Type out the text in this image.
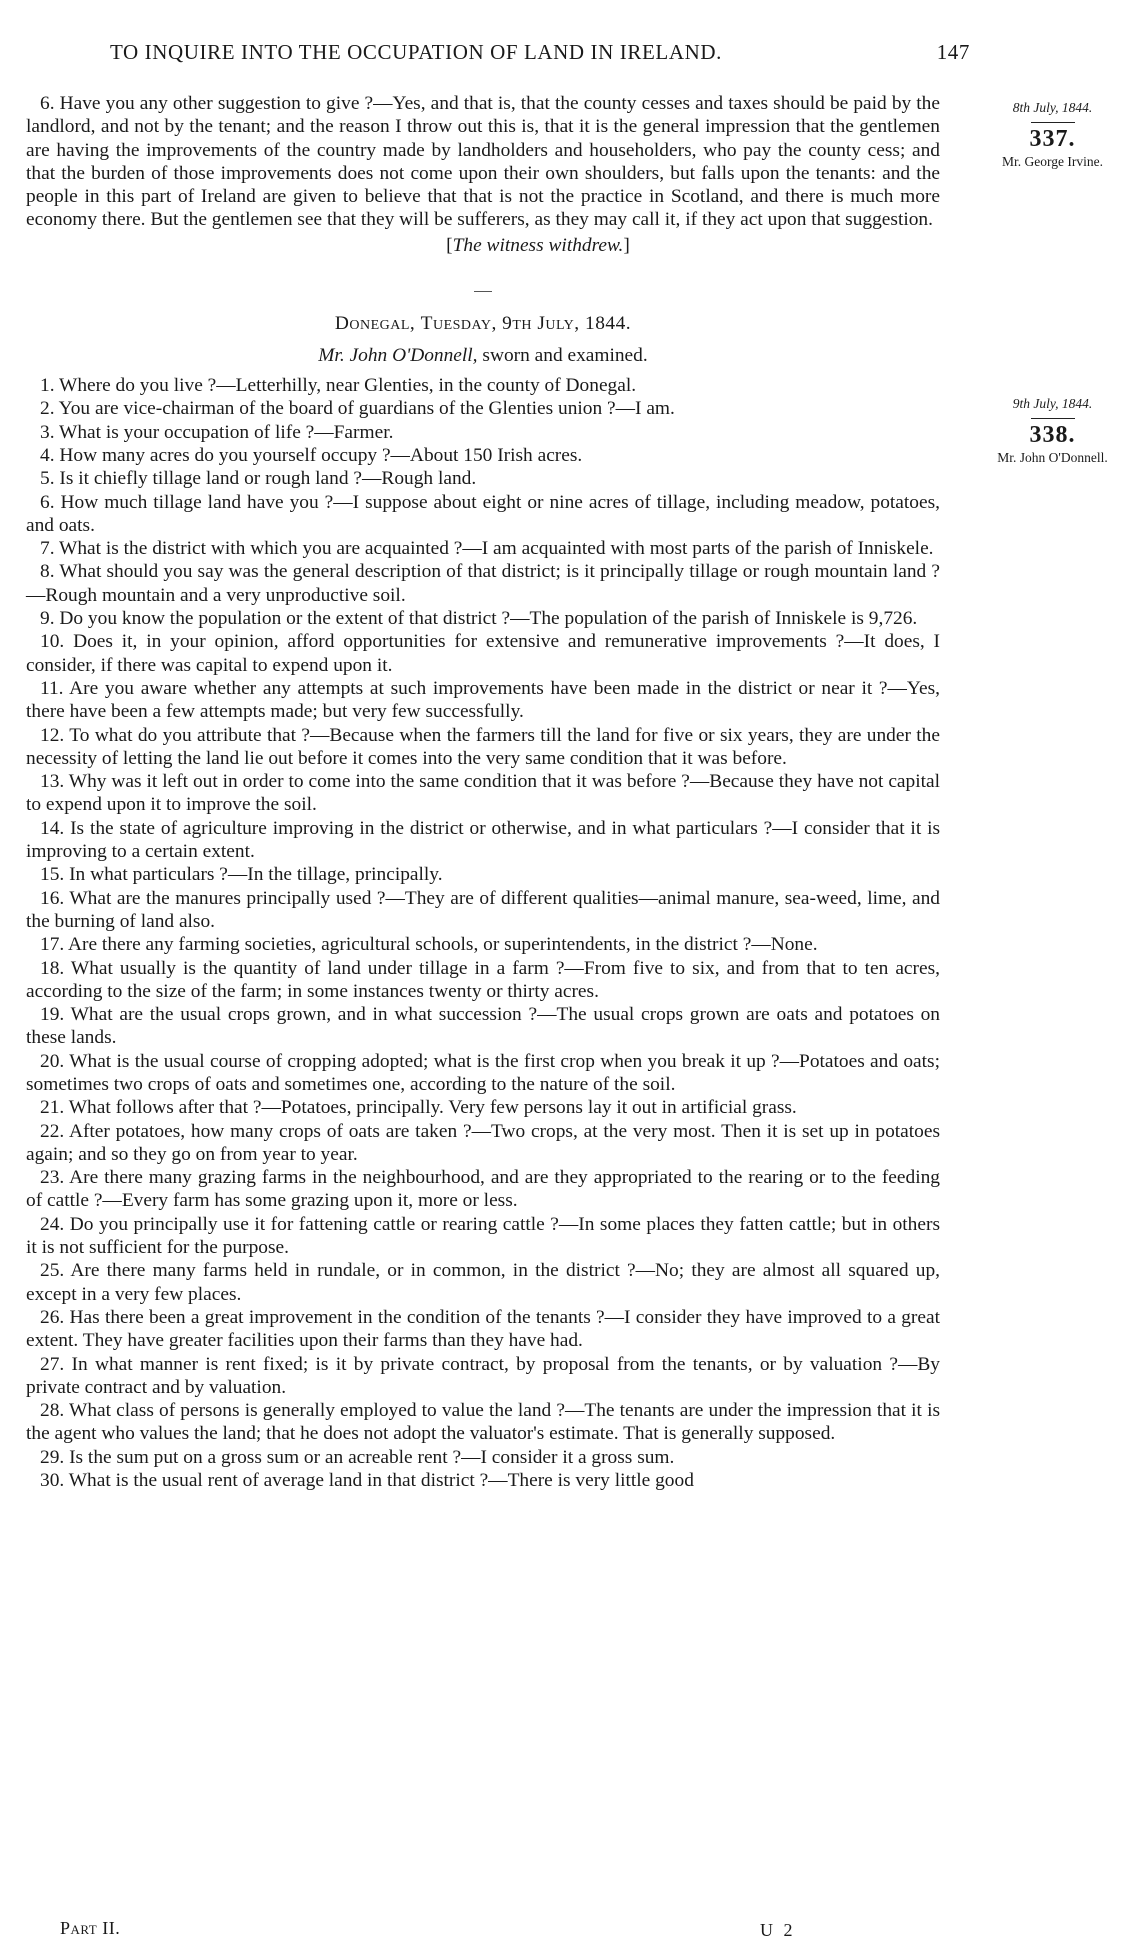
TO INQUIRE INTO THE OCCUPATION OF LAND IN IRELAND.	147
8th July, 1844.
337.
Mr. George Irvine.
9th July, 1844.
338.
Mr. John O'Donnell.

6. Have you any other suggestion to give ?—Yes, and that is, that the county cesses and taxes should be paid by the landlord, and not by the tenant; and the reason I throw out this is, that it is the general impression that the gentlemen are having the improvements of the country made by landholders and householders, who pay the county cess; and that the burden of those improvements does not come upon their own shoulders, but falls upon the tenants: and the people in this part of Ireland are given to believe that that is not the practice in Scotland, and there is much more economy there. But the gentlemen see that they will be sufferers, as they may call it, if they act upon that suggestion.

[The witness withdrew.]
Donegal, Tuesday, 9th July, 1844.
Mr. John O'Donnell, sworn and examined.

1. Where do you live ?—Letterhilly, near Glenties, in the county of Donegal.

2. You are vice-chairman of the board of guardians of the Glenties union ?—I am.

3. What is your occupation of life ?—Farmer.

4. How many acres do you yourself occupy ?—About 150 Irish acres.

5. Is it chiefly tillage land or rough land ?—Rough land.

6. How much tillage land have you ?—I suppose about eight or nine acres of tillage, including meadow, potatoes, and oats.

7. What is the district with which you are acquainted ?—I am acquainted with most parts of the parish of Inniskele.

8. What should you say was the general description of that district; is it principally tillage or rough mountain land ?—Rough mountain and a very unproductive soil.

9. Do you know the population or the extent of that district ?—The population of the parish of Inniskele is 9,726.

10. Does it, in your opinion, afford opportunities for extensive and remunerative improvements ?—It does, I consider, if there was capital to expend upon it.

11. Are you aware whether any attempts at such improvements have been made in the district or near it ?—Yes, there have been a few attempts made; but very few successfully.

12. To what do you attribute that ?—Because when the farmers till the land for five or six years, they are under the necessity of letting the land lie out before it comes into the very same condition that it was before.

13. Why was it left out in order to come into the same condition that it was before ?—Because they have not capital to expend upon it to improve the soil.

14. Is the state of agriculture improving in the district or otherwise, and in what particulars ?—I consider that it is improving to a certain extent.

15. In what particulars ?—In the tillage, principally.

16. What are the manures principally used ?—They are of different qualities—animal manure, sea-weed, lime, and the burning of land also.

17. Are there any farming societies, agricultural schools, or superintendents, in the district ?—None.

18. What usually is the quantity of land under tillage in a farm ?—From five to six, and from that to ten acres, according to the size of the farm; in some instances twenty or thirty acres.

19. What are the usual crops grown, and in what succession ?—The usual crops grown are oats and potatoes on these lands.

20. What is the usual course of cropping adopted; what is the first crop when you break it up ?—Potatoes and oats; sometimes two crops of oats and sometimes one, according to the nature of the soil.

21. What follows after that ?—Potatoes, principally. Very few persons lay it out in artificial grass.

22. After potatoes, how many crops of oats are taken ?—Two crops, at the very most. Then it is set up in potatoes again; and so they go on from year to year.

23. Are there many grazing farms in the neighbourhood, and are they appropriated to the rearing or to the feeding of cattle ?—Every farm has some grazing upon it, more or less.

24. Do you principally use it for fattening cattle or rearing cattle ?—In some places they fatten cattle; but in others it is not sufficient for the purpose.

25. Are there many farms held in rundale, or in common, in the district ?—No; they are almost all squared up, except in a very few places.

26. Has there been a great improvement in the condition of the tenants ?—I consider they have improved to a great extent. They have greater facilities upon their farms than they have had.

27. In what manner is rent fixed; is it by private contract, by proposal from the tenants, or by valuation ?—By private contract and by valuation.

28. What class of persons is generally employed to value the land ?—The tenants are under the impression that it is the agent who values the land; that he does not adopt the valuator's estimate. That is generally supposed.

29. Is the sum put on a gross sum or an acreable rent ?—I consider it a gross sum.

30. What is the usual rent of average land in that district ?—There is very little good

Part II.	U 2
